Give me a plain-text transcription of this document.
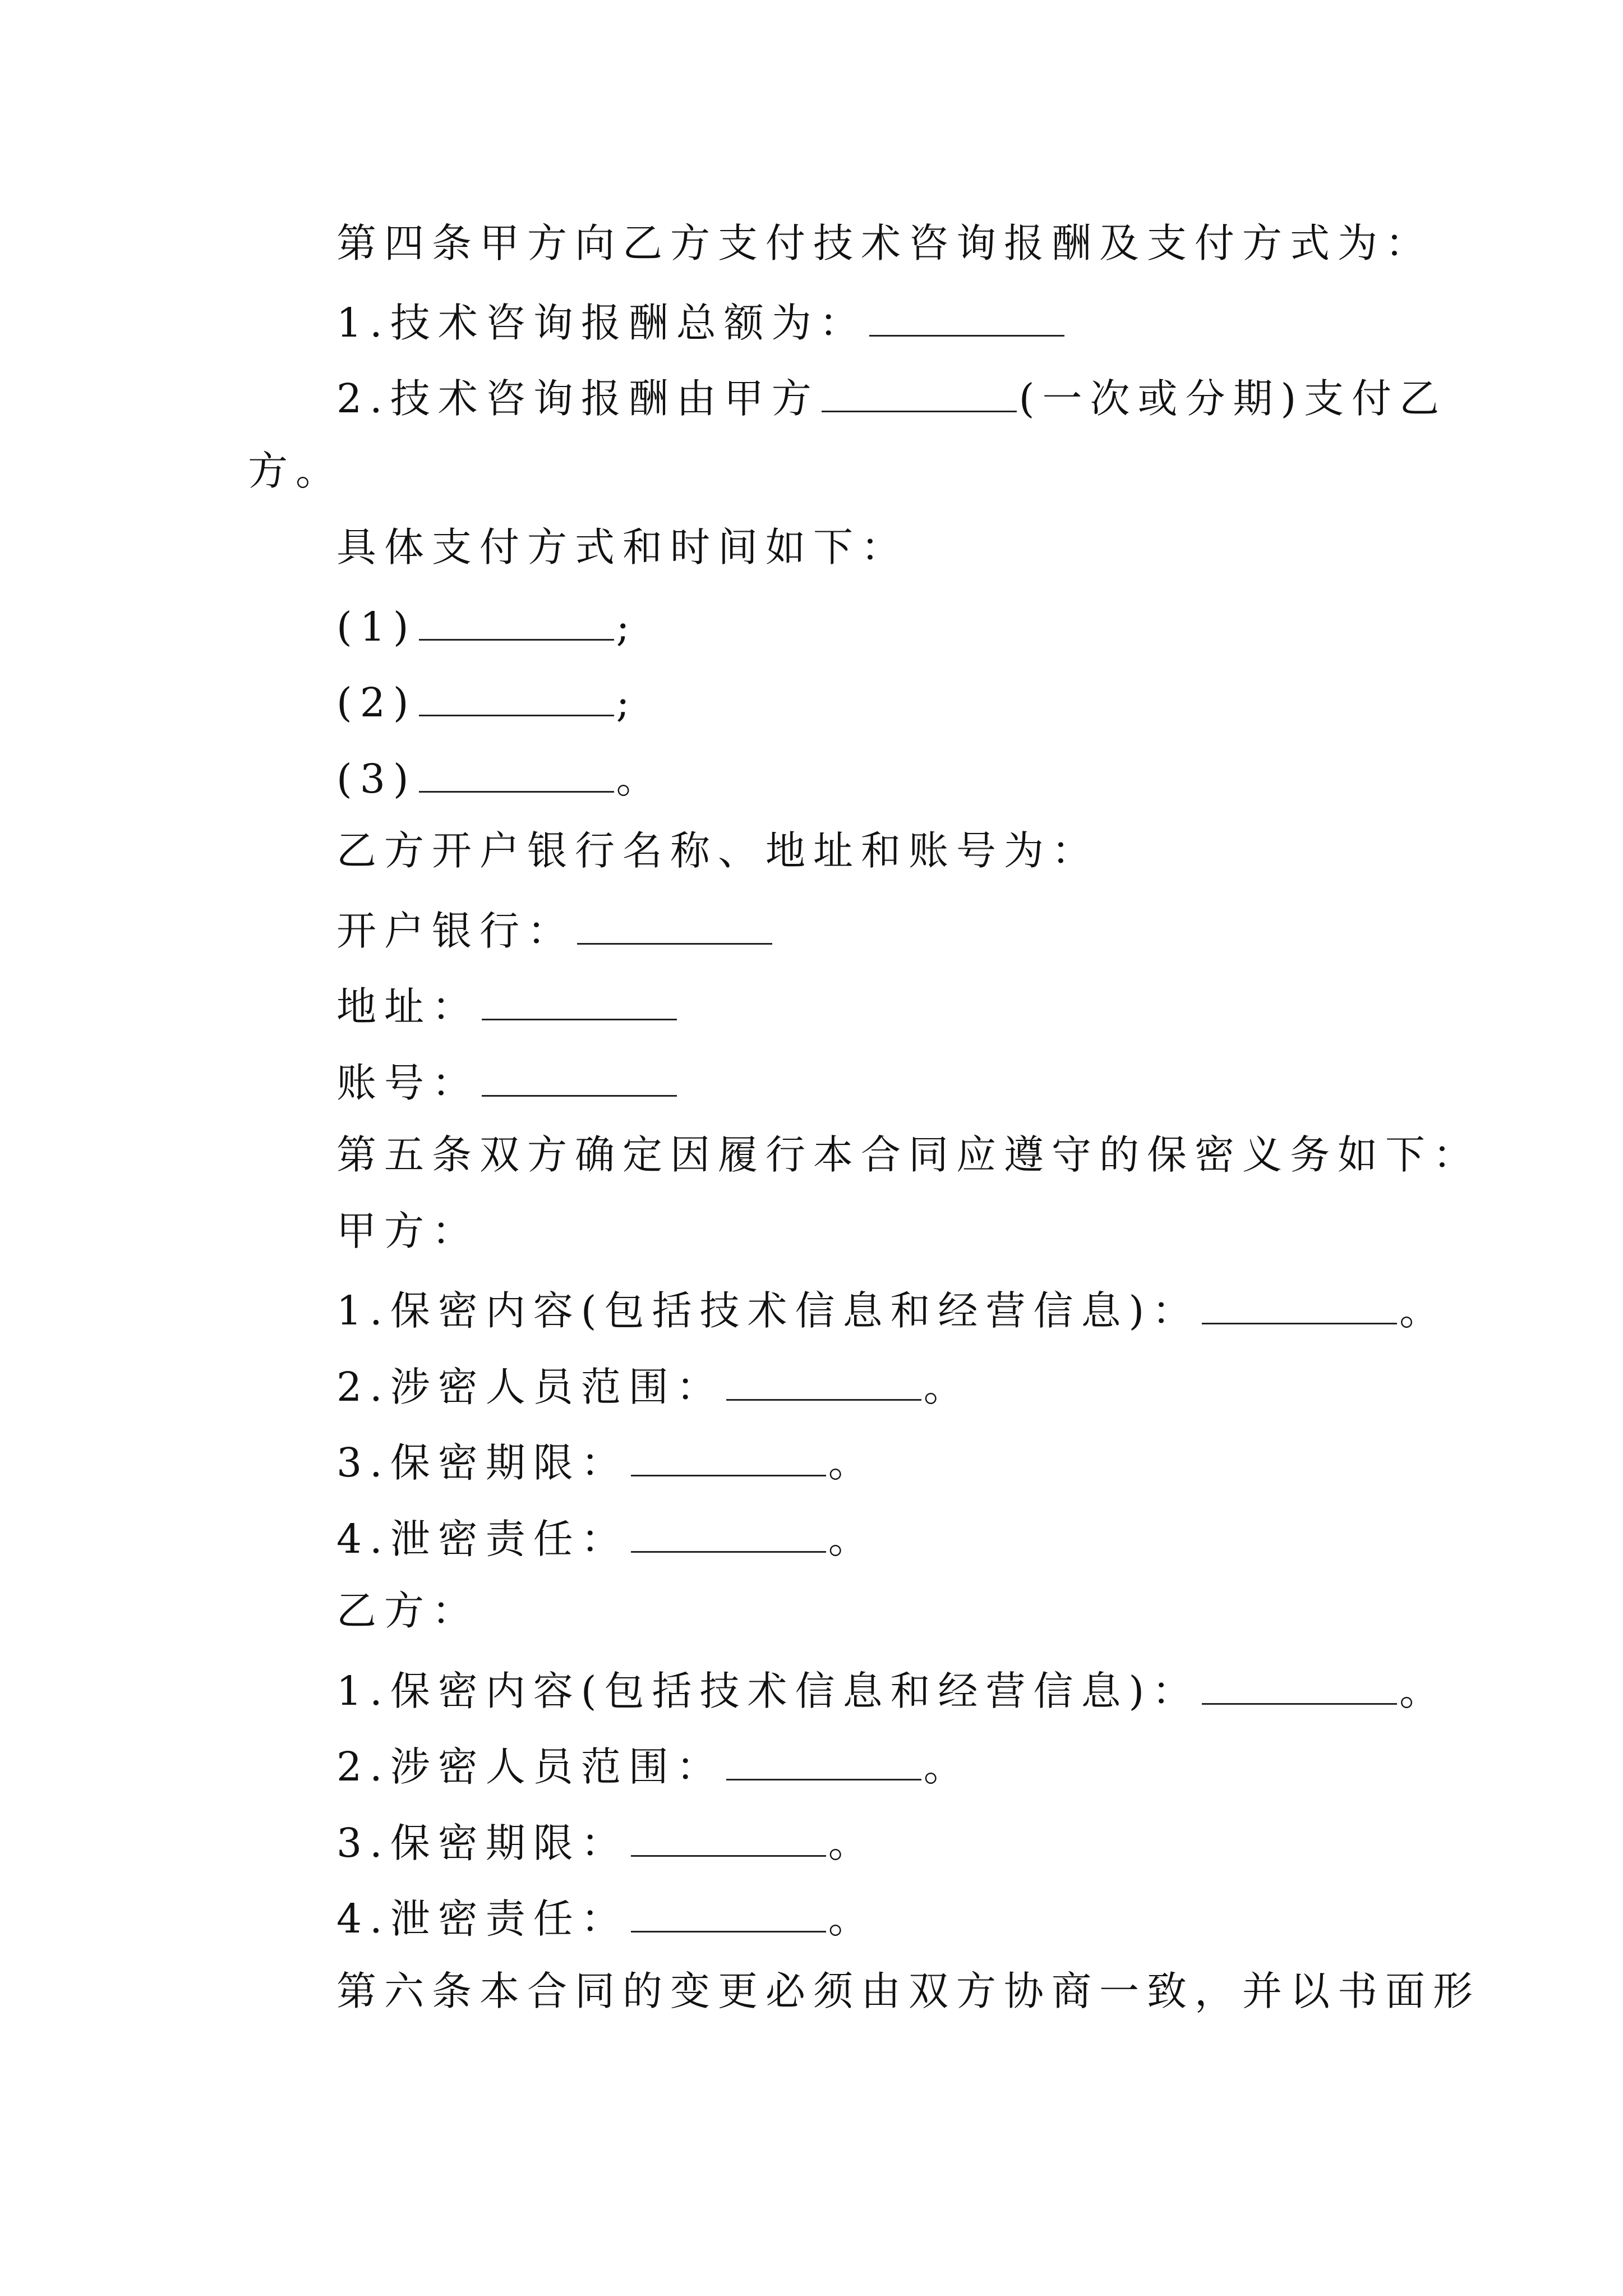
第四条甲方向乙方支付技术咨询报酬及支付方式为：
1.技术咨询报酬总额为：
2.技术咨询报酬由甲方	(一次或分期)支付乙
方。
具体支付方式和时间如下：
(1)	;
(2)	;
(3)	。
乙方开户银行名称、地址和账号为：
开户银行：
地址：
账号：
第五条双方确定因履行本合同应遵守的保密义务如下：
甲方：
1.保密内容(包括技术信息和经营信息)：	。
2.涉密人员范围：	。
3.保密期限：	。
4.泄密责任：	。
乙方：
1.保密内容(包括技术信息和经营信息)：	。
2.涉密人员范围：	。
3.保密期限：	。
4.泄密责任：	。
第六条本合同的变更必须由双方协商一致，并以书面形
